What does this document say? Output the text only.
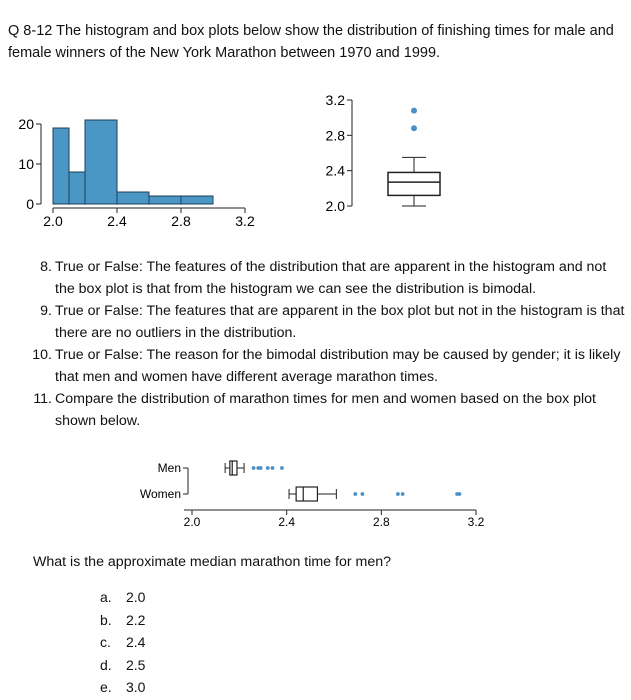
Q 8-12 The histogram and box plots below show the distribution of finishing times for male and female winners of the New York Marathon between 1970 and 1999.
2.0	2.4	2.8	3.2
0
10
20
2.0
2.4
2.8
3.2
8. True or False: The features of the distribution that are apparent in the histogram and not the box plot is that from the histogram we can see the distribution is bimodal.
9. True or False: The features that are apparent in the box plot but not in the histogram is that there are no outliers in the distribution.
10. True or False: The reason for the bimodal distribution may be caused by gender; it is likely that men and women have different average marathon times.
11. Compare the distribution of marathon times for men and women based on the box plot shown below.
2.0	2.4	2.8	3.2
Men
Women
What is the approximate median marathon time for men?
a.	2.0
b.	2.2
c.	2.4
d.	2.5
e.	3.0
